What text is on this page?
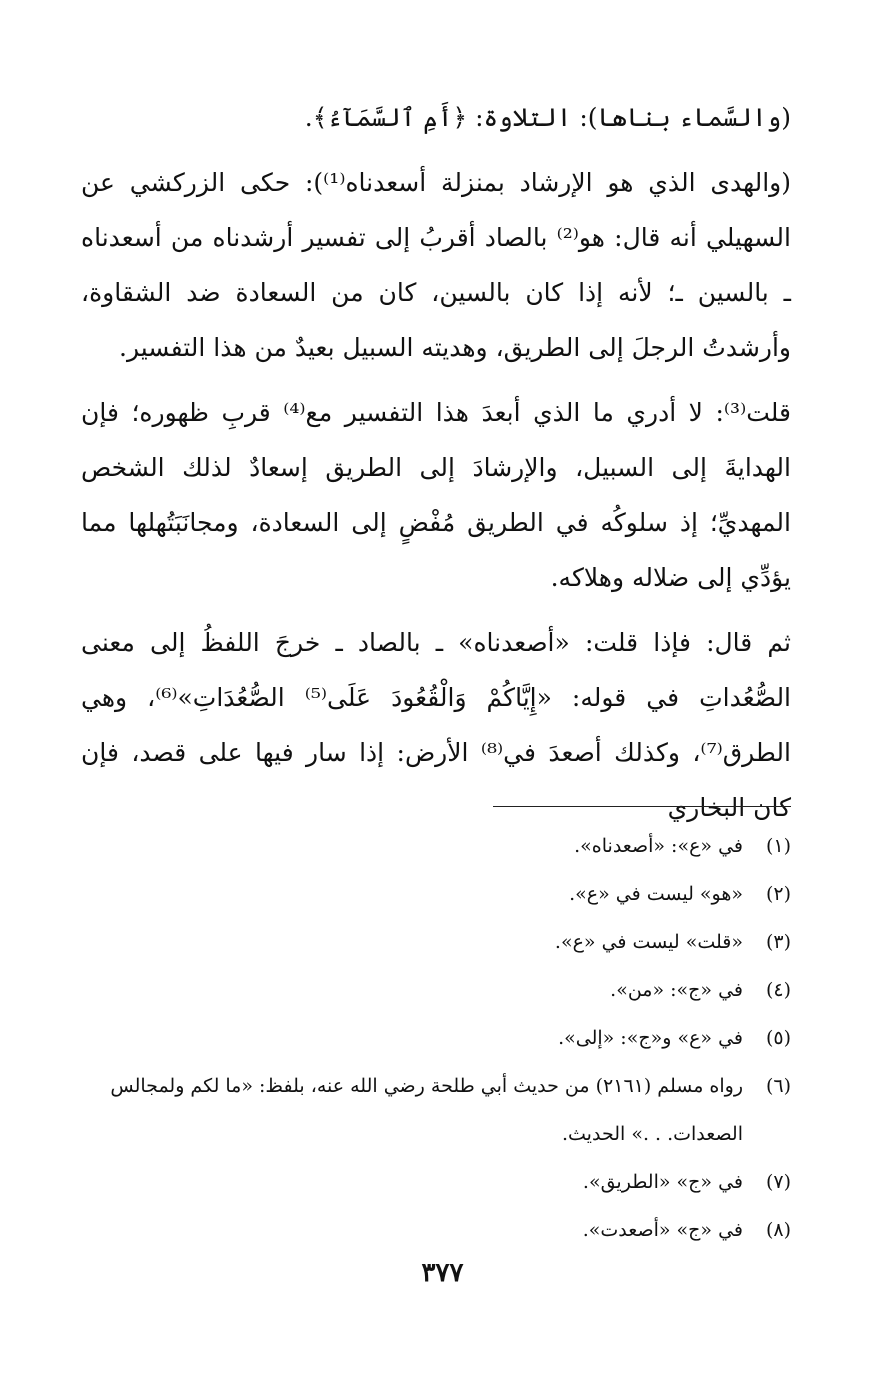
(والسَّماء بناها): التلاوة: ﴿أَمِ ٱلسَّمَآءُ﴾.

(والهدى الذي هو الإرشاد بمنزلة أسعدناه⁽¹⁾): حكى الزركشي عن السهيلي أنه قال: هو⁽²⁾ بالصاد أقربُ إلى تفسير أرشدناه من أسعدناه ـ بالسين ـ؛ لأنه إذا كان بالسين، كان من السعادة ضد الشقاوة، وأرشدتُ الرجلَ إلى الطريق، وهديته السبيل بعيدٌ من هذا التفسير.

قلت⁽³⁾: لا أدري ما الذي أبعدَ هذا التفسير مع⁽⁴⁾ قربِ ظهوره؛ فإن الهدايةَ إلى السبيل، والإرشادَ إلى الطريق إسعادٌ لذلك الشخص المهديِّ؛ إذ سلوكُه في الطريق مُفْضٍ إلى السعادة، ومجانَبَتُهلها مما يؤدِّي إلى ضلاله وهلاكه.

ثم قال: فإذا قلت: «أصعدناه» ـ بالصاد ـ خرجَ اللفظُ إلى معنى الصُّعُداتِ في قوله: «إِيَّاكُمْ وَالْقُعُودَ عَلَى⁽⁵⁾ الصُّعُدَاتِ»⁽⁶⁾، وهي الطرق⁽⁷⁾، وكذلك أصعدَ في⁽⁸⁾ الأرض: إذا سار فيها على قصد، فإن كان البخاري

(١)
في «ع»: «أصعدناه».
(٢)
«هو» ليست في «ع».
(٣)
«قلت» ليست في «ع».
(٤)
في «ج»: «من».
(٥)
في «ع» و«ج»: «إلى».
(٦)
رواه مسلم (٢١٦١) من حديث أبي طلحة رضي الله عنه، بلفظ: «ما لكم ولمجالس الصعدات. . .» الحديث.
(٧)
في «ج» «الطريق».
(٨)
في «ج» «أصعدت».
٣٧٧
